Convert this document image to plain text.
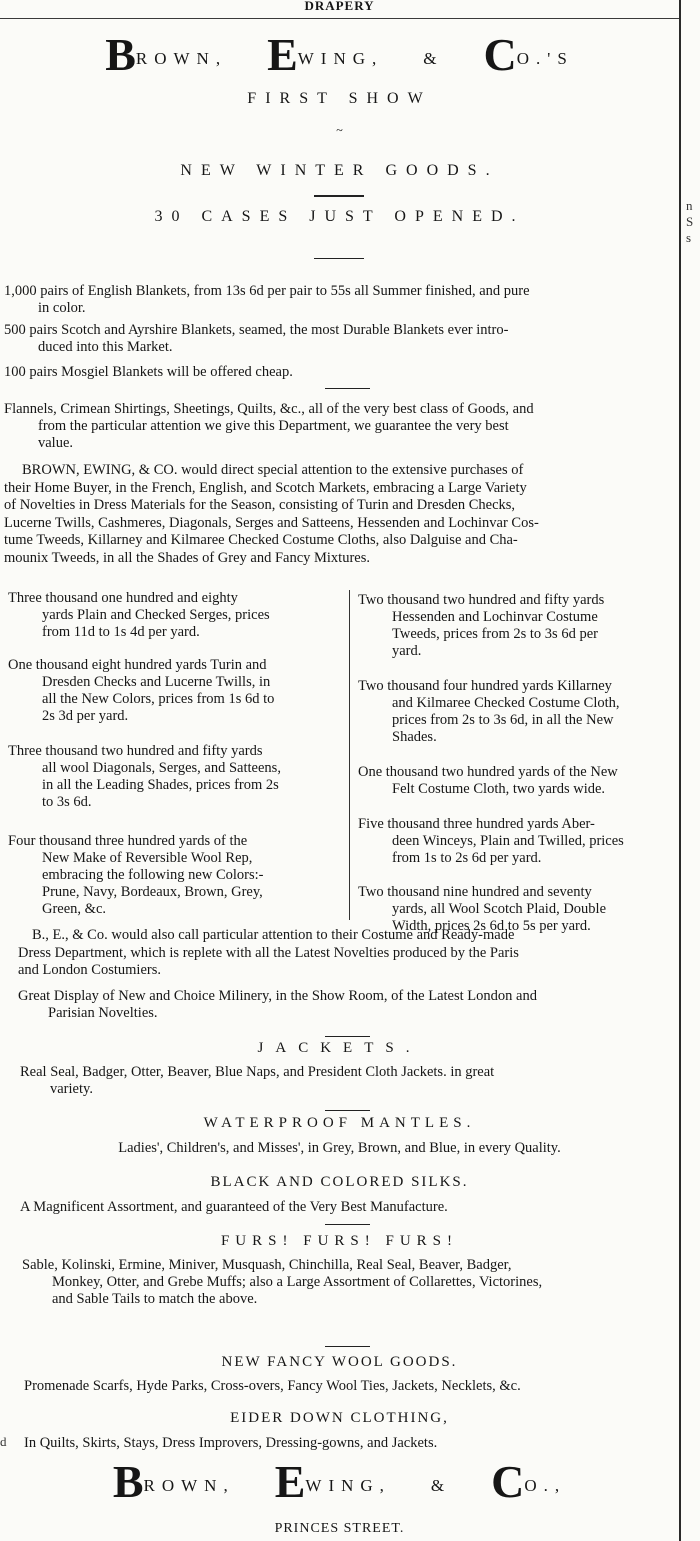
n
S
s
d
DRAPERY
BROWN, EWING, & CO.'S
FIRST SHOW
~
NEW WINTER GOODS.
30 CASES JUST OPENED.
1,000 pairs of English Blankets, from 13s 6d per pair to 55s all Summer finished, and pure
in color.
500 pairs Scotch and Ayrshire Blankets, seamed, the most Durable Blankets ever intro-
duced into this Market.
100 pairs Mosgiel Blankets will be offered cheap.
Flannels, Crimean Shirtings, Sheetings, Quilts, &c., all of the very best class of Goods, and
from the particular attention we give this Department, we guarantee the very best
value.
BROWN, EWING, & CO. would direct special attention to the extensive purchases of
their Home Buyer, in the French, English, and Scotch Markets, embracing a Large Variety
of Novelties in Dress Materials for the Season, consisting of Turin and Dresden Checks,
Lucerne Twills, Cashmeres, Diagonals, Serges and Satteens, Hessenden and Lochinvar Cos-
tume Tweeds, Killarney and Kilmaree Checked Costume Cloths, also Dalguise and Cha-
mounix Tweeds, in all the Shades of Grey and Fancy Mixtures.
Three thousand one hundred and eighty
yards Plain and Checked Serges, prices
from 11d to 1s 4d per yard.
One thousand eight hundred yards Turin and
Dresden Checks and Lucerne Twills, in
all the New Colors, prices from 1s 6d to
2s 3d per yard.
Three thousand two hundred and fifty yards
all wool Diagonals, Serges, and Satteens,
in all the Leading Shades, prices from 2s
to 3s 6d.
Four thousand three hundred yards of the
New Make of Reversible Wool Rep,
embracing the following new Colors:-
Prune, Navy, Bordeaux, Brown, Grey,
Green, &c.
Two thousand two hundred and fifty yards
Hessenden and Lochinvar Costume
Tweeds, prices from 2s to 3s 6d per
yard.
Two thousand four hundred yards Killarney
and Kilmaree Checked Costume Cloth,
prices from 2s to 3s 6d, in all the New
Shades.
One thousand two hundred yards of the New
Felt Costume Cloth, two yards wide.
Five thousand three hundred yards Aber-
deen Winceys, Plain and Twilled, prices
from 1s to 2s 6d per yard.
Two thousand nine hundred and seventy
yards, all Wool Scotch Plaid, Double
Width, prices 2s 6d to 5s per yard.
B., E., & Co. would also call particular attention to their Costume and Ready-made
Dress Department, which is replete with all the Latest Novelties produced by the Paris
and London Costumiers.
Great Display of New and Choice Milinery, in the Show Room, of the Latest London and
Parisian Novelties.
JACKETS.
Real Seal, Badger, Otter, Beaver, Blue Naps, and President Cloth Jackets. in great
variety.
WATERPROOF MANTLES.
Ladies', Children's, and Misses', in Grey, Brown, and Blue, in every Quality.
BLACK AND COLORED SILKS.
A Magnificent Assortment, and guaranteed of the Very Best Manufacture.
FURS! FURS! FURS!
Sable, Kolinski, Ermine, Miniver, Musquash, Chinchilla, Real Seal, Beaver, Badger,
Monkey, Otter, and Grebe Muffs; also a Large Assortment of Collarettes, Victorines,
and Sable Tails to match the above.
NEW FANCY WOOL GOODS.
Promenade Scarfs, Hyde Parks, Cross-overs, Fancy Wool Ties, Jackets, Necklets, &c.
EIDER DOWN CLOTHING,
In Quilts, Skirts, Stays, Dress Improvers, Dressing-gowns, and Jackets.
BROWN, EWING, & CO.,
PRINCES STREET.
